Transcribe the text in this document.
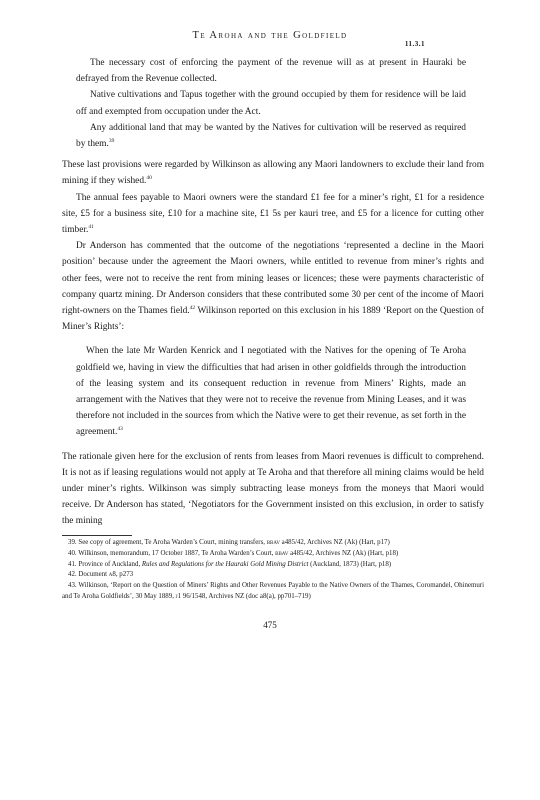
Te Aroha and the Goldfield
11.3.1

The necessary cost of enforcing the payment of the revenue will as at present in Hauraki be defrayed from the Revenue collected.

Native cultivations and Tapus together with the ground occupied by them for residence will be laid off and exempted from occupation under the Act.

Any additional land that may be wanted by the Natives for cultivation will be reserved as required by them.$^{39}$

These last provisions were regarded by Wilkinson as allowing any Maori landowners to exclude their land from mining if they wished.$^{40}$

The annual fees payable to Maori owners were the standard £1 fee for a miner’s right, £1 for a residence site, £5 for a business site, £10 for a machine site, £1 5s per kauri tree, and £5 for a licence for cutting other timber.$^{41}$

Dr Anderson has commented that the outcome of the negotiations ‘represented a decline in the Maori position’ because under the agreement the Maori owners, while entitled to revenue from miner’s rights and other fees, were not to receive the rent from mining leases or licences; these were payments characteristic of company quartz mining. Dr Anderson considers that these contributed some 30 per cent of the income of Maori right-owners on the Thames field.$^{42}$ Wilkinson reported on this exclusion in his 1889 ‘Report on the Question of Miner’s Rights’:

When the late Mr Warden Kenrick and I negotiated with the Natives for the opening of Te Aroha goldfield we, having in view the difficulties that had arisen in other goldfields through the introduction of the leasing system and its consequent reduction in revenue from Miners’ Rights, made an arrangement with the Natives that they were not to receive the revenue from Mining Leases, and it was therefore not included in the sources from which the Native were to get their revenue, as set forth in the agreement.$^{43}$

The rationale given here for the exclusion of rents from leases from Maori revenues is difficult to comprehend. It is not as if leasing regulations would not apply at Te Aroha and that therefore all mining claims would be held under miner’s rights. Wilkinson was simply subtracting lease moneys from the moneys that Maori would receive. Dr Anderson has stated, ‘Negotiators for the Government insisted on this exclusion, in order to satisfy the mining

39. See copy of agreement, Te Aroha Warden’s Court, mining transfers, bbav a485/42, Archives NZ (Ak) (Hart, p17)

40. Wilkinson, memorandum, 17 October 1887, Te Aroha Warden’s Court, bbav a485/42, Archives NZ (Ak) (Hart, p18)

41. Province of Auckland, Rules and Regulations for the Hauraki Gold Mining District (Auckland, 1873) (Hart, p18)

42. Document a8, p273

43. Wilkinson, ‘Report on the Question of Miners’ Rights and Other Revenues Payable to the Native Owners of the Thames, Coromandel, Ohinemuri and Te Aroha Goldfields’, 30 May 1889, j1 96/1548, Archives NZ (doc a8(a), pp701–719)

475
